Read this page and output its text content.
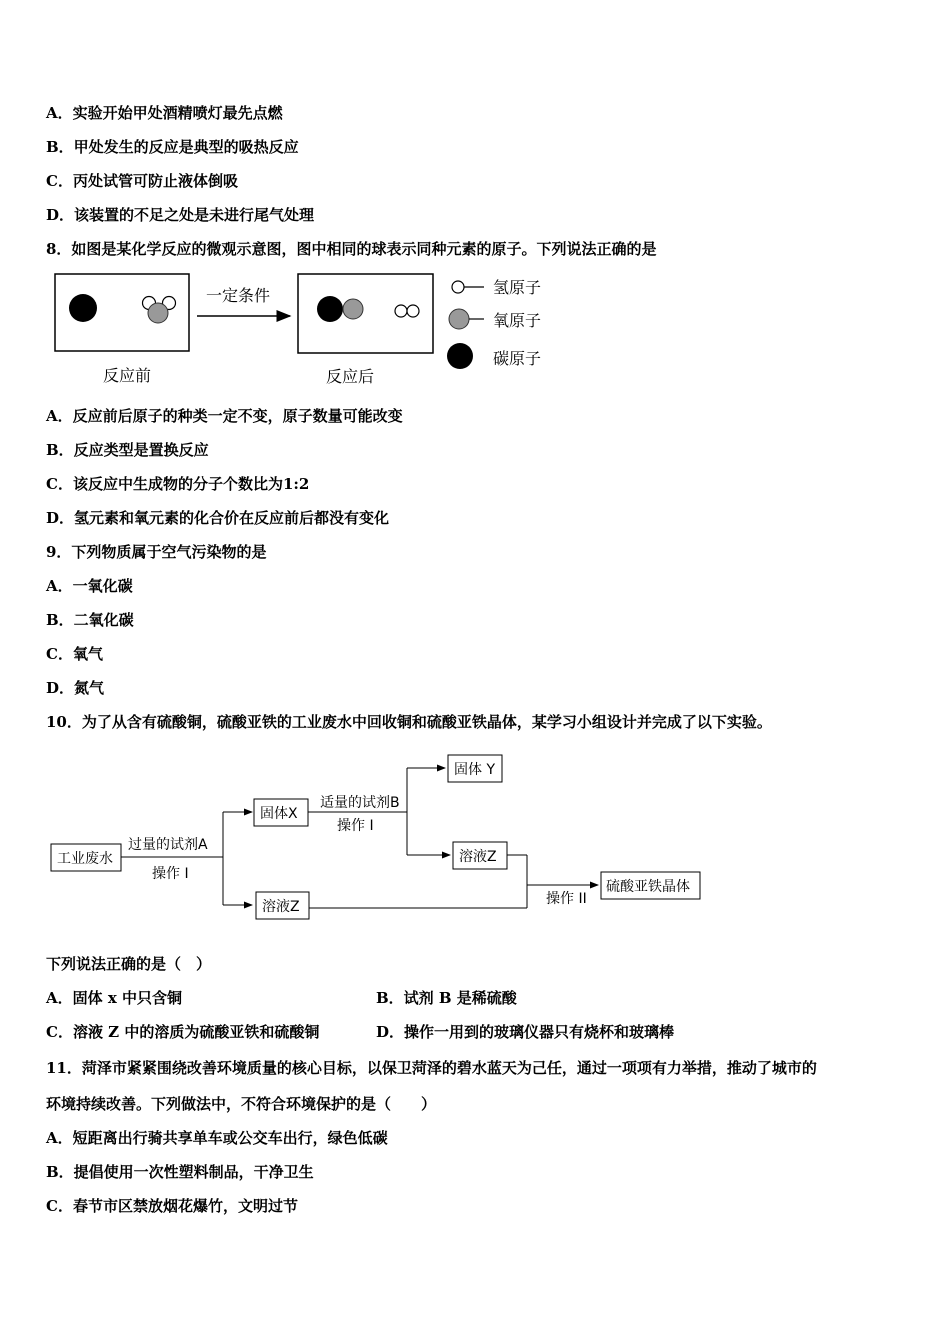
A．实验开始甲处酒精喷灯最先点燃
B．甲处发生的反应是典型的吸热反应
C．丙处试管可防止液体倒吸
D．该装置的不足之处是未进行尾气处理
8．如图是某化学反应的微观示意图，图中相同的球表示同种元素的原子。下列说法正确的是
反应前
一定条件
反应后
氢原子
氧原子
碳原子
A．反应前后原子的种类一定不变，原子数量可能改变
B．反应类型是置换反应
C．该反应中生成物的分子个数比为1:2
D．氢元素和氧元素的化合价在反应前后都没有变化
9．下列物质属于空气污染物的是
A．一氧化碳
B．二氧化碳
C．氧气
D．氮气
10．为了从含有硫酸铜，硫酸亚铁的工业废水中回收铜和硫酸亚铁晶体，某学习小组设计并完成了以下实验。
工业废水
过量的试剂A
操作 I
固体X
溶液Z
适量的试剂B
操作 I
固体 Y
溶液Z
操作 II
硫酸亚铁晶体
下列说法正确的是（　）
A．固体 x 中只含铜	B．试剂 B 是稀硫酸
C．溶液 Z 中的溶质为硫酸亚铁和硫酸铜	D．操作一用到的玻璃仪器只有烧杯和玻璃棒
11．菏泽市紧紧围绕改善环境质量的核心目标，以保卫菏泽的碧水蓝天为己任，通过一项项有力举措，推动了城市的
环境持续改善。下列做法中，不符合环境保护的是（　　）
A．短距离出行骑共享单车或公交车出行，绿色低碳
B．提倡使用一次性塑料制品，干净卫生
C．春节市区禁放烟花爆竹，文明过节
